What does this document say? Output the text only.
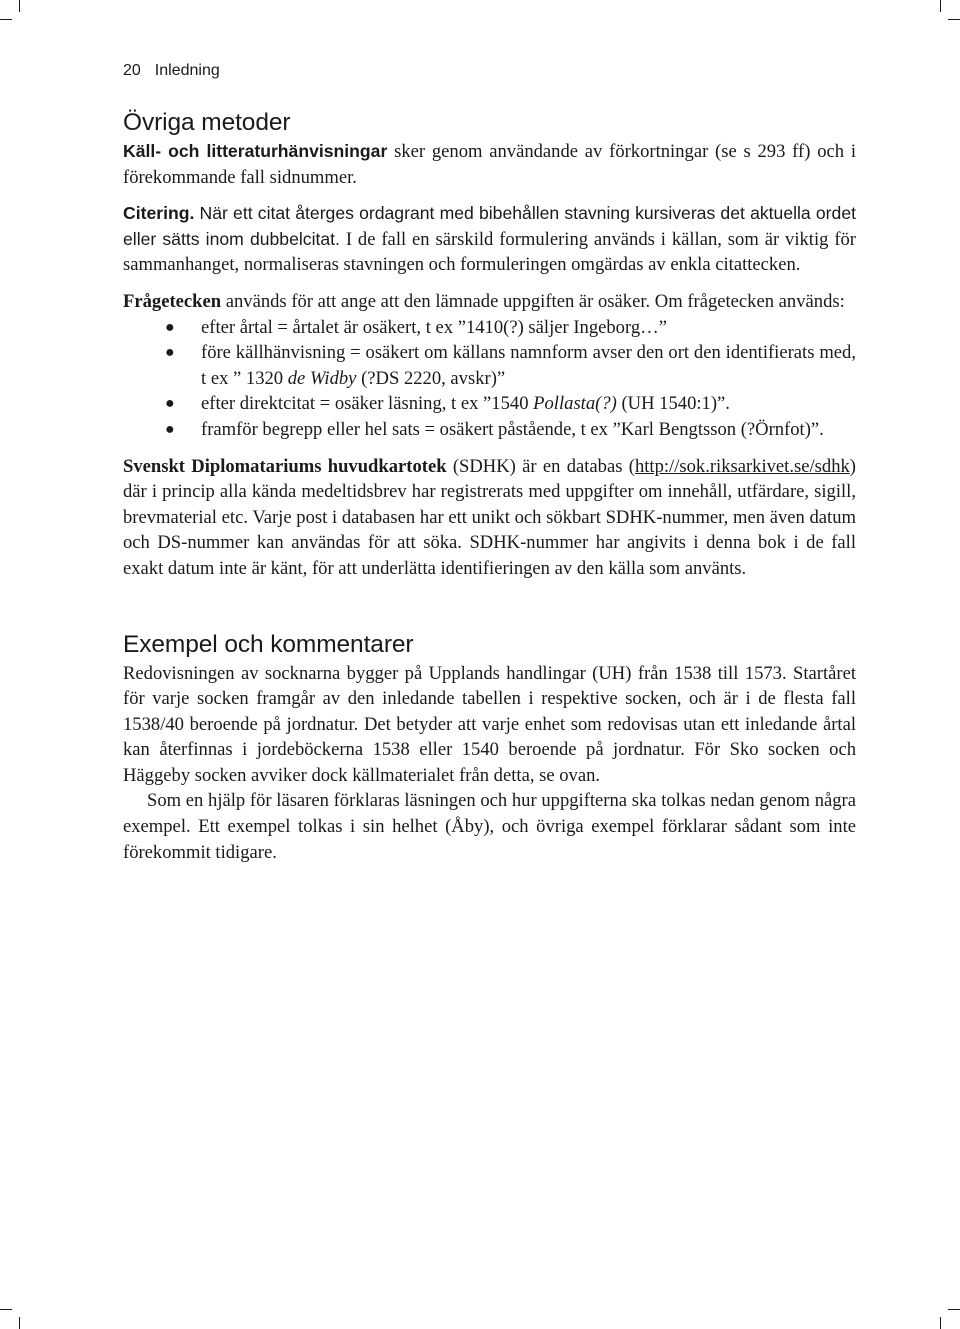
20 Inledning
Övriga metoder

Käll- och litteraturhänvisningar sker genom användande av förkortningar (se s 293 ff) och i förekommande fall sidnummer.

Citering. När ett citat återges ordagrant med bibehållen stavning kursiveras det aktuella ordet eller sätts inom dubbelcitat. I de fall en särskild formulering används i källan, som är viktig för sammanhanget, normaliseras stavningen och formuleringen omgärdas av enkla citattecken.

Frågetecken används för att ange att den lämnade uppgiften är osäker. Om frågetecken används:

● efter årtal = årtalet är osäkert, t ex ”1410(?) säljer Ingeborg…”
● före källhänvisning = osäkert om källans namnform avser den ort den identifierats med, t ex ” 1320 de Widby (?DS 2220, avskr)”
● efter direktcitat = osäker läsning, t ex ”1540 Pollasta(?) (UH 1540:1)”.
● framför begrepp eller hel sats = osäkert påstående, t ex ”Karl Bengtsson (?Örnfot)”.

Svenskt Diplomatariums huvudkartotek (SDHK) är en databas (http://sok.riksarkivet.se/sdhk) där i princip alla kända medeltidsbrev har registrerats med uppgifter om innehåll, utfärdare, sigill, brevmaterial etc. Varje post i databasen har ett unikt och sökbart SDHK-nummer, men även datum och DS-nummer kan användas för att söka. SDHK-nummer har angivits i denna bok i de fall exakt datum inte är känt, för att underlätta identifieringen av den källa som använts.

Exempel och kommentarer

Redovisningen av socknarna bygger på Upplands handlingar (UH) från 1538 till 1573. Startåret för varje socken framgår av den inledande tabellen i respektive socken, och är i de flesta fall 1538/40 beroende på jordnatur. Det betyder att varje enhet som redovisas utan ett inledande årtal kan återfinnas i jordeböckerna 1538 eller 1540 beroende på jordnatur. För Sko socken och Häggeby socken avviker dock källmaterialet från detta, se ovan.

Som en hjälp för läsaren förklaras läsningen och hur uppgifterna ska tolkas nedan genom några exempel. Ett exempel tolkas i sin helhet (Åby), och övriga exempel förklarar sådant som inte förekommit tidigare.
